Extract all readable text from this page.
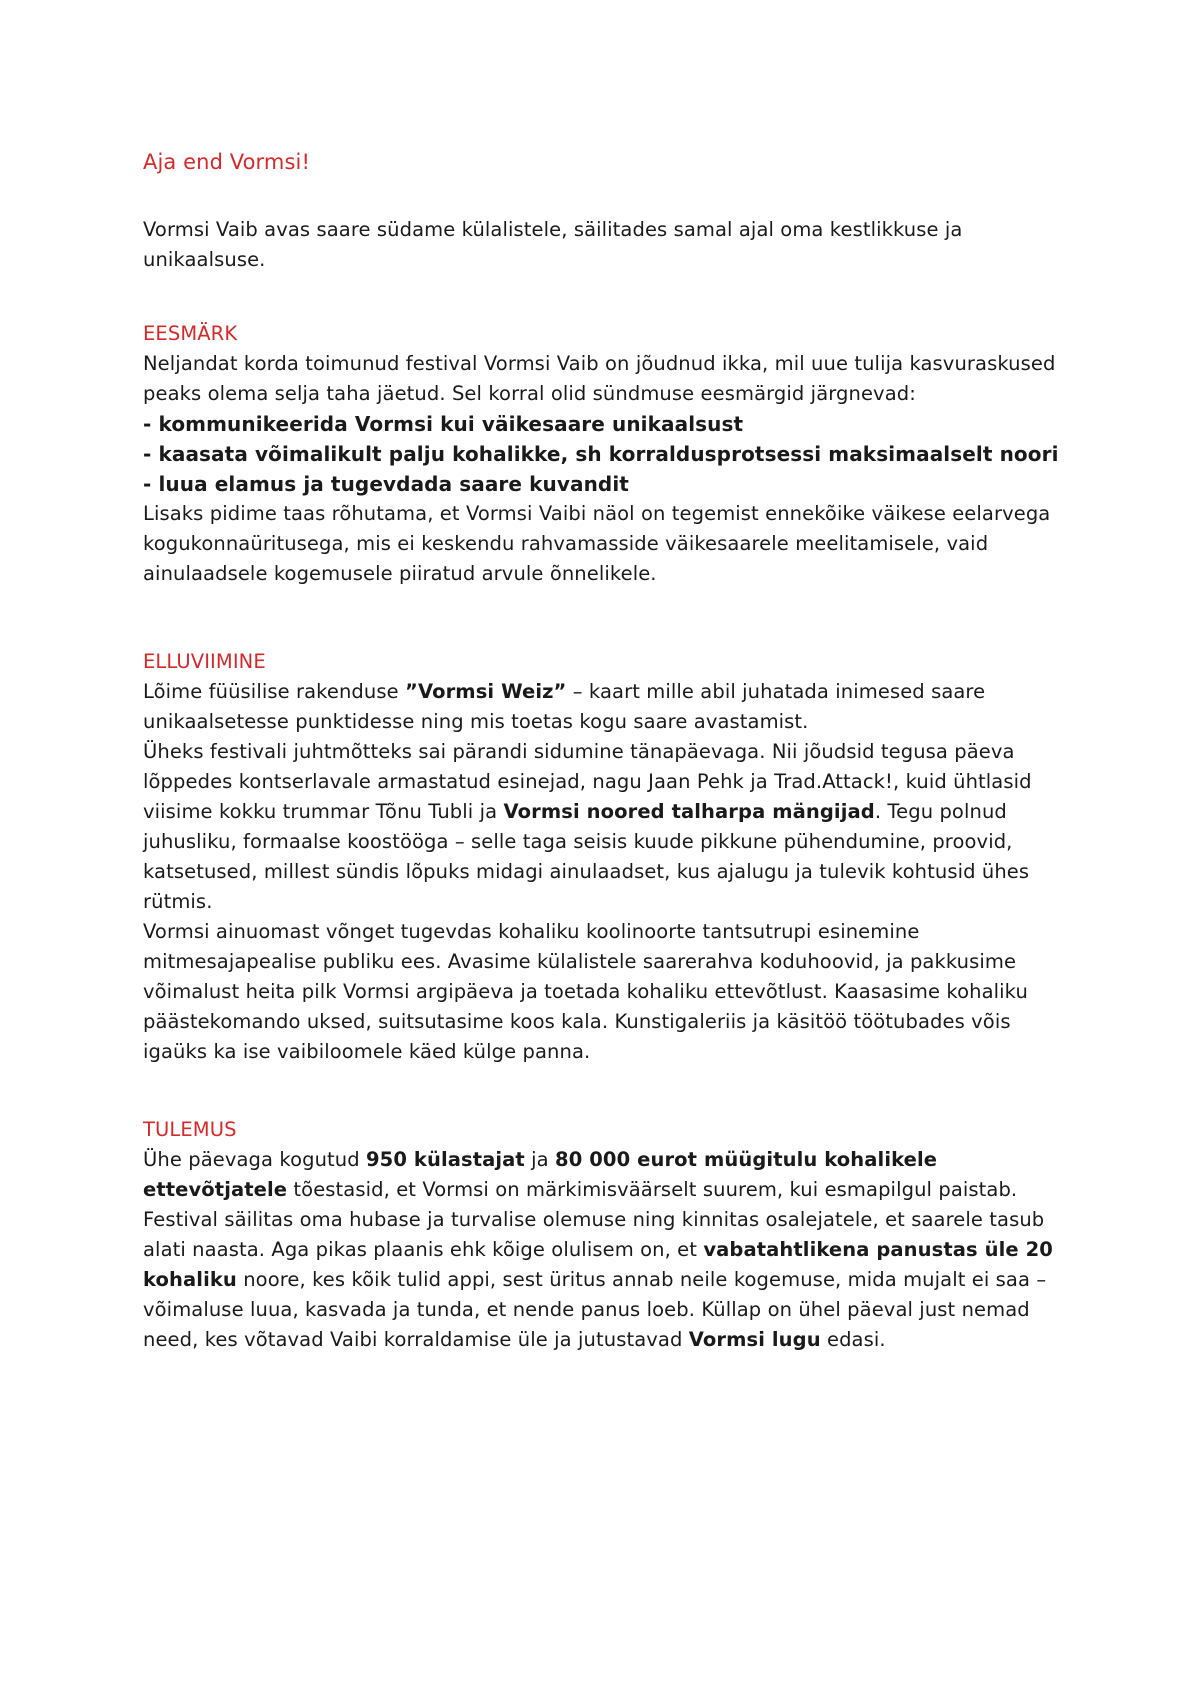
Aja end Vormsi!

Vormsi Vaib avas saare südame külalistele, säilitades samal ajal oma kestlikkuse ja unikaalsuse.

EESMÄRK

Neljandat korda toimunud festival Vormsi Vaib on jõudnud ikka, mil uue tulija kasvuraskused peaks olema selja taha jäetud. Sel korral olid sündmuse eesmärgid järgnevad:

- kommunikeerida Vormsi kui väikesaare unikaalsust

- kaasata võimalikult palju kohalikke, sh korraldusprotsessi maksimaalselt noori

- luua elamus ja tugevdada saare kuvandit

Lisaks pidime taas rõhutama, et Vormsi Vaibi näol on tegemist ennekõike väikese eelarvega kogukonnaüritusega, mis ei keskendu rahvamasside väikesaarele meelitamisele, vaid ainulaadsele kogemusele piiratud arvule õnnelikele.

ELLUVIIMINE

Lõime füüsilise rakenduse ”Vormsi Weiz” – kaart mille abil juhatada inimesed saare unikaalsetesse punktidesse ning mis toetas kogu saare avastamist.

Üheks festivali juhtmõtteks sai pärandi sidumine tänapäevaga. Nii jõudsid tegusa päeva lõppedes kontserlavale armastatud esinejad, nagu Jaan Pehk ja Trad.Attack!, kuid ühtlasid viisime kokku trummar Tõnu Tubli ja Vormsi noored talharpa mängijad. Tegu polnud juhusliku, formaalse koostööga – selle taga seisis kuude pikkune pühendumine, proovid, katsetused, millest sündis lõpuks midagi ainulaadset, kus ajalugu ja tulevik kohtusid ühes rütmis.

Vormsi ainuomast võnget tugevdas kohaliku koolinoorte tantsutrupi esinemine mitmesajapealise publiku ees. Avasime külalistele saarerahva koduhoovid, ja pakkusime võimalust heita pilk Vormsi argipäeva ja toetada kohaliku ettevõtlust. Kaasasime kohaliku päästekomando uksed, suitsutasime koos kala. Kunstigaleriis ja käsitöö töötubades võis igaüks ka ise vaibiloomele käed külge panna.

TULEMUS

Ühe päevaga kogutud 950 külastajat ja 80 000 eurot müügitulu kohalikele ettevõtjatele tõestasid, et Vormsi on märkimisväärselt suurem, kui esmapilgul paistab. Festival säilitas oma hubase ja turvalise olemuse ning kinnitas osalejatele, et saarele tasub alati naasta. Aga pikas plaanis ehk kõige olulisem on, et vabatahtlikena panustas üle 20 kohaliku noore, kes kõik tulid appi, sest üritus annab neile kogemuse, mida mujalt ei saa – võimaluse luua, kasvada ja tunda, et nende panus loeb. Küllap on ühel päeval just nemad need, kes võtavad Vaibi korraldamise üle ja jutustavad Vormsi lugu edasi.
